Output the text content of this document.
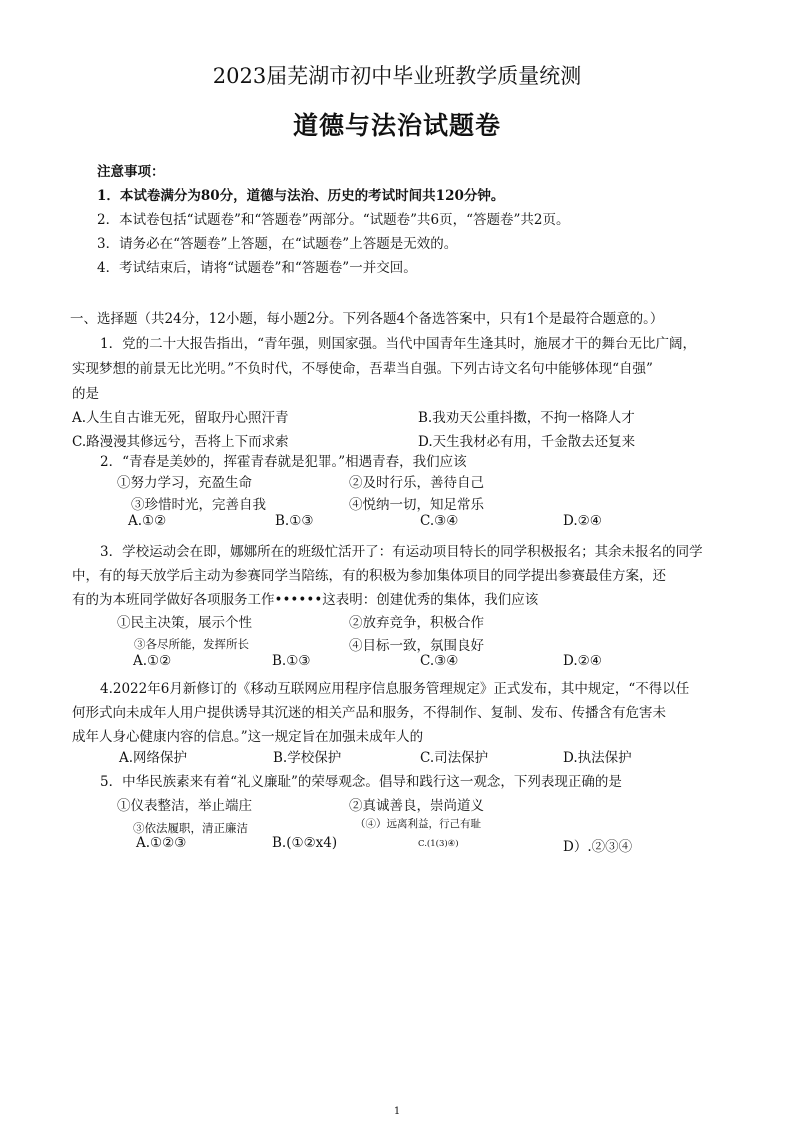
2023届芜湖市初中毕业班教学质量统测
道德与法治试题卷
注意事项：
1．本试卷满分为80分，道德与法治、历史的考试时间共120分钟。
2．本试卷包括“试题卷”和“答题卷”两部分。“试题卷”共6页，“答题卷”共2页。
3．请务必在“答题卷”上答题，在“试题卷”上答题是无效的。
4．考试结束后，请将“试题卷”和“答题卷”一并交回。
一、选择题（共24分，12小题，每小题2分。下列各题4个备选答案中，只有1个是最符合题意的。）
1．党的二十大报告指出，“青年强，则国家强。当代中国青年生逢其时，施展才干的舞台无比广阔，
实现梦想的前景无比光明。”不负时代，不辱使命，吾辈当自强。下列古诗文名句中能够体现“自强”
的是
A.人生自古谁无死，留取丹心照汗青	B.我劝天公重抖擞，不拘一格降人才
C.路漫漫其修远兮，吾将上下而求索	D.天生我材必有用，千金散去还复来
2．“青春是美妙的，挥霍青春就是犯罪。”相遇青春，我们应该
①努力学习，充盈生命	②及时行乐，善待自己
③珍惜时光，完善自我	④悦纳一切，知足常乐
A.①②	B.①③	C.③④	D.②④
3．学校运动会在即，娜娜所在的班级忙活开了：有运动项目特长的同学积极报名；其余未报名的同学
中，有的每天放学后主动为参赛同学当陪练，有的积极为参加集体项目的同学提出参赛最佳方案，还
有的为本班同学做好各项服务工作••••••这表明：创建优秀的集体，我们应该
①民主决策，展示个性	②放弃竞争，积极合作
③各尽所能，发挥所长	④目标一致，氛围良好
A.①②	B.①③	C.③④	D.②④
4.2022年6月新修订的《移动互联网应用程序信息服务管理规定》正式发布，其中规定，“不得以任
何形式向未成年人用户提供诱导其沉迷的相关产品和服务，不得制作、复制、发布、传播含有危害未
成年人身心健康内容的信息。”这一规定旨在加强未成年人的
A.网络保护	B.学校保护	C.司法保护	D.执法保护
5．中华民族素来有着“礼义廉耻”的荣辱观念。倡导和践行这一观念，下列表现正确的是
①仪表整洁，举止端庄	②真诚善良，崇尚道义
③依法履职，清正廉洁	（④）远离利益，行己有耻
A.①②③	B.(①②x4)	C.(1(3)④)	D）.②③④
1
